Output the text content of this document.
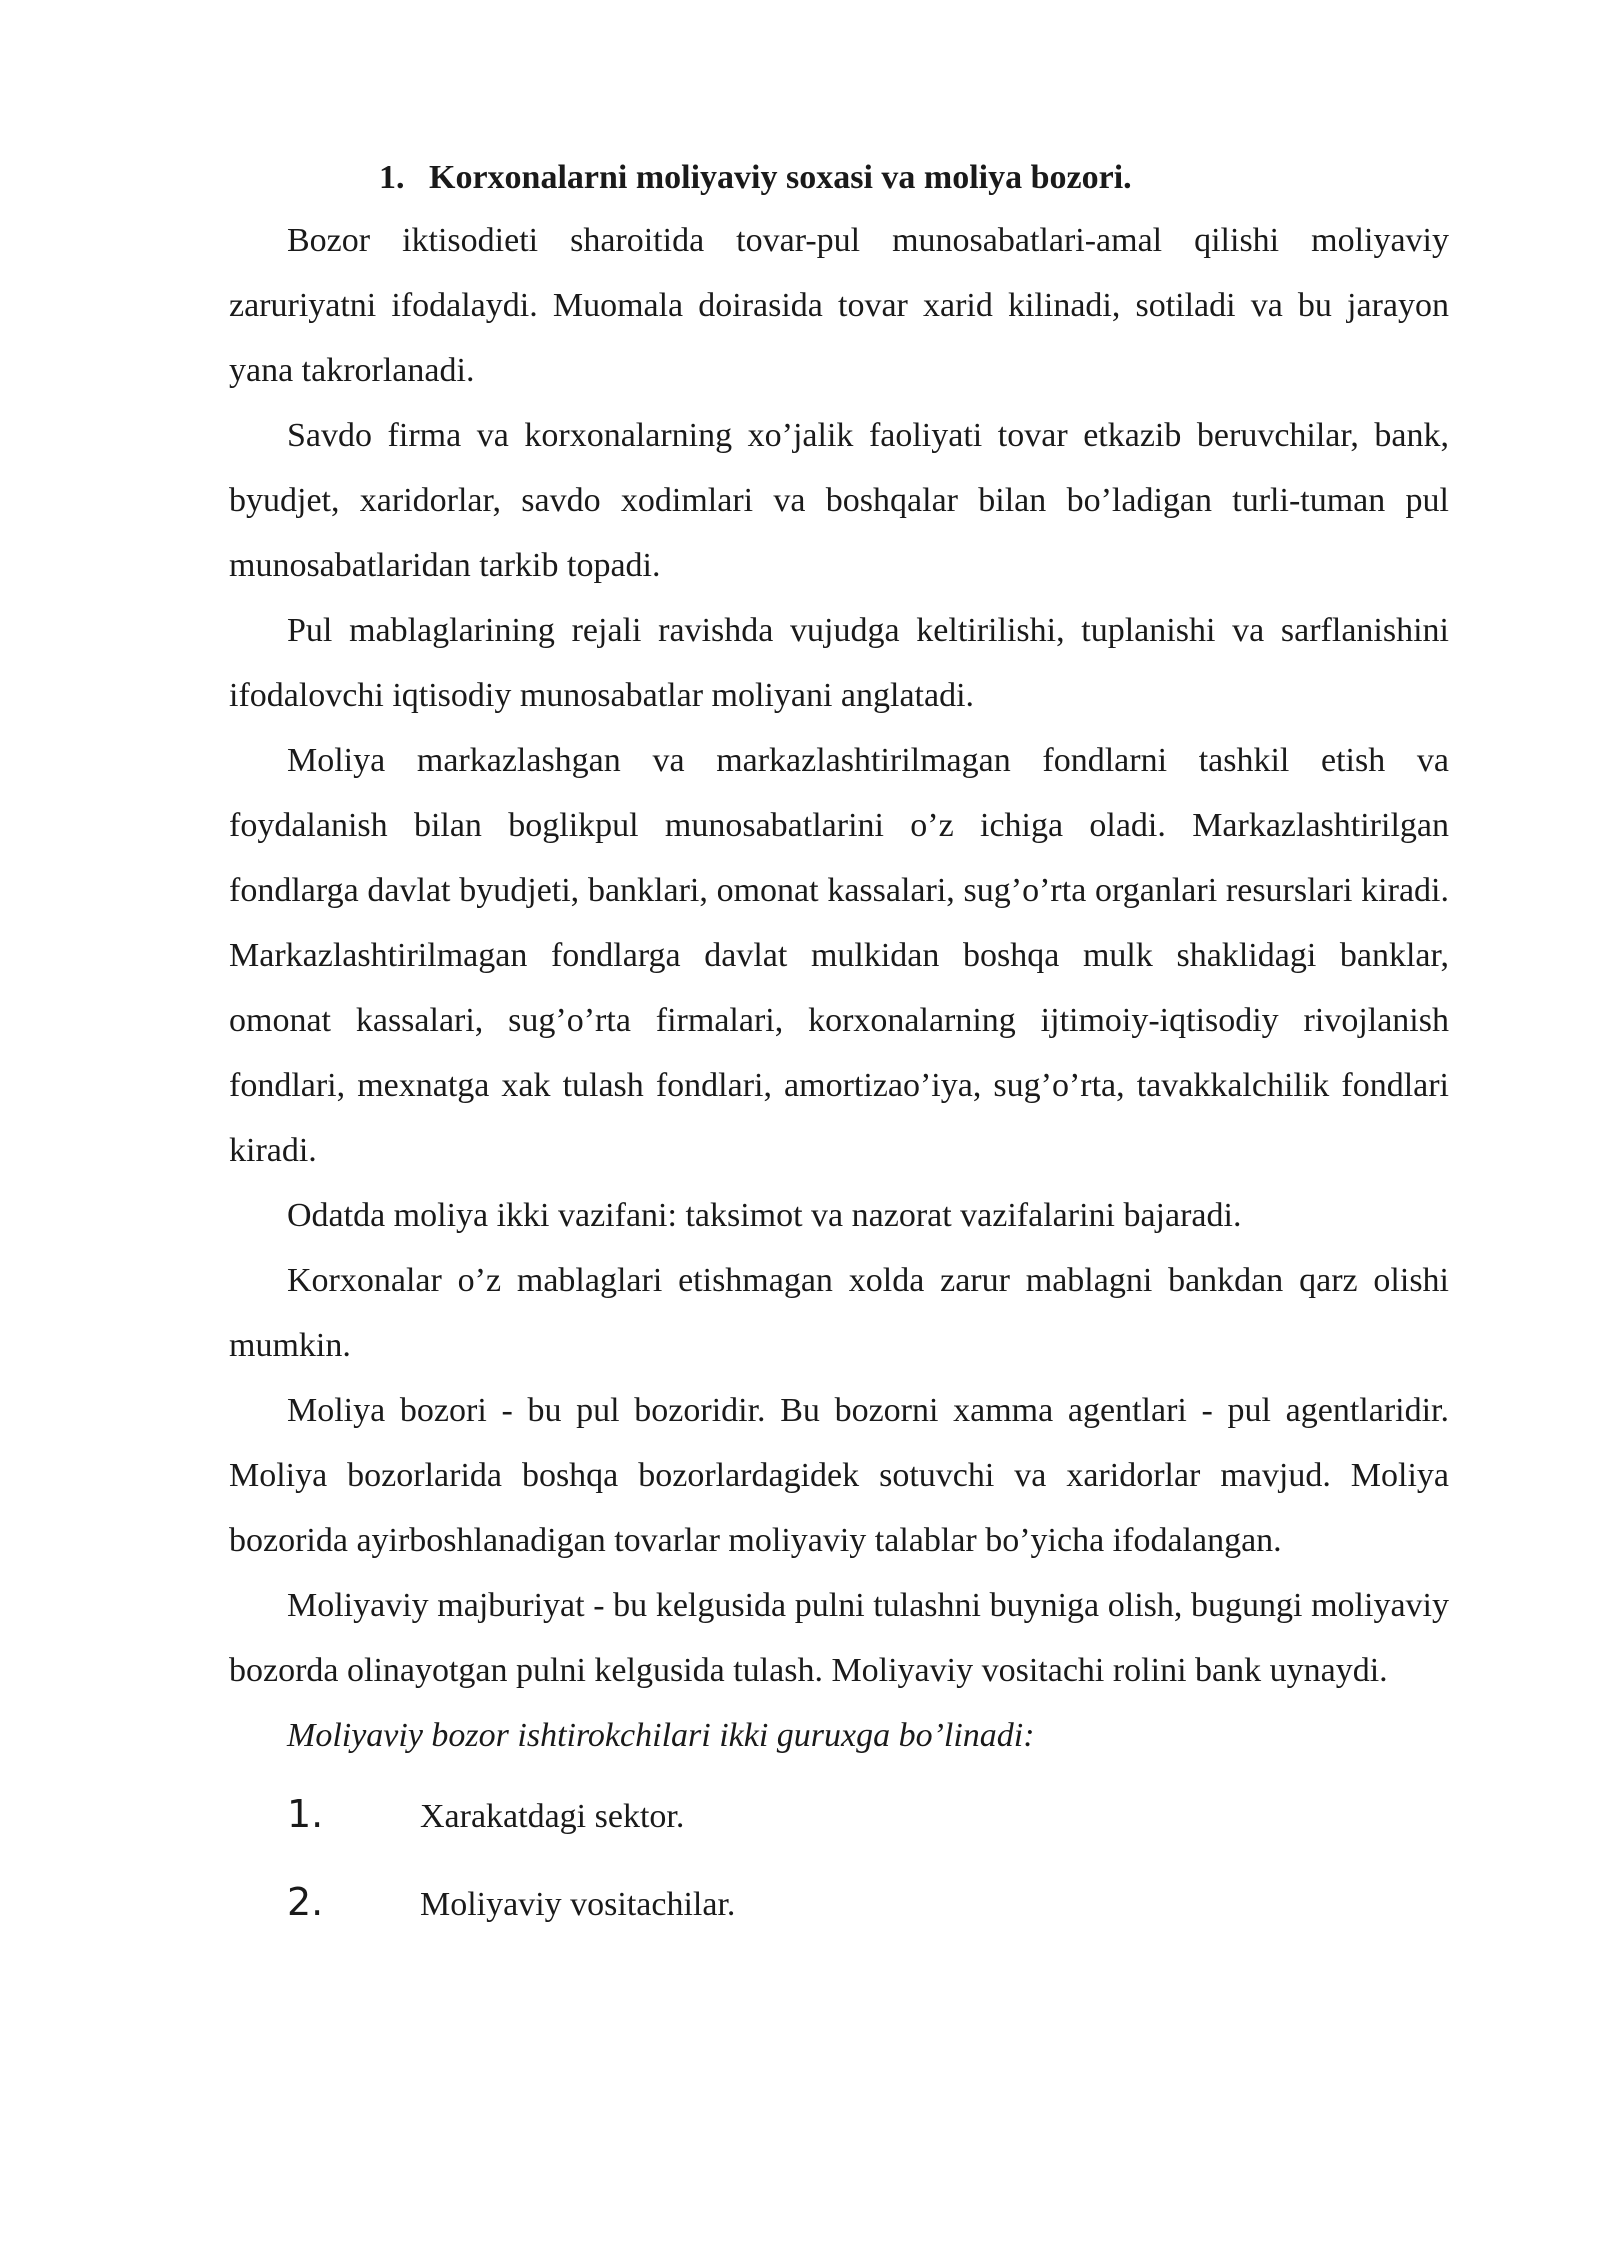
1. Korxonalarni moliyaviy soxasi va moliya bozori.

Bozor iktisodieti sharoitida tovar-pul munosabatlari-amal qilishi moliyaviy zaruriyatni ifodalaydi. Muomala doirasida tovar xarid kilinadi, sotiladi va bu jarayon yana takrorlanadi.

Savdo firma va korxonalarning xo’jalik faoliyati tovar etkazib beruvchilar, bank, byudjet, xaridorlar, savdo xodimlari va boshqalar bilan bo’ladigan turli-tuman pul munosabatlaridan tarkib topadi.

Pul mablaglarining rejali ravishda vujudga keltirilishi, tuplanishi va sarflanishini ifodalovchi iqtisodiy munosabatlar moliyani anglatadi.

Moliya markazlashgan va markazlashtirilmagan fondlarni tashkil etish va foydalanish bilan boglikpul munosabatlarini o’z ichiga oladi. Markazlashtirilgan fondlarga davlat byudjeti, banklari, omonat kassalari, sug’o’rta organlari resurslari kiradi. Markazlashtirilmagan fondlarga davlat mulkidan boshqa mulk shaklidagi banklar, omonat kassalari, sug’o’rta firmalari, korxonalarning ijtimoiy-iqtisodiy rivojlanish fondlari, mexnatga xak tulash fondlari, amortizao’iya, sug’o’rta, tavakkalchilik fondlari kiradi.

Odatda moliya ikki vazifani: taksimot va nazorat vazifalarini bajaradi.

Korxonalar o’z mablaglari etishmagan xolda zarur mablagni bankdan qarz olishi mumkin.

Moliya bozori - bu pul bozoridir. Bu bozorni xamma agentlari - pul agentlaridir. Moliya bozorlarida boshqa bozorlardagidek sotuvchi va xaridorlar mavjud. Moliya bozorida ayirboshlanadigan tovarlar moliyaviy talablar bo’yicha ifodalangan.

Moliyaviy majburiyat - bu kelgusida pulni tulashni buyniga olish, bugungi moliyaviy bozorda olinayotgan pulni kelgusida tulash. Moliyaviy vositachi rolini bank uynaydi.

Moliyaviy bozor ishtirokchilari ikki guruxga bo’linadi:

1.	Xarakatdagi sektor.
2.	Moliyaviy vositachilar.
